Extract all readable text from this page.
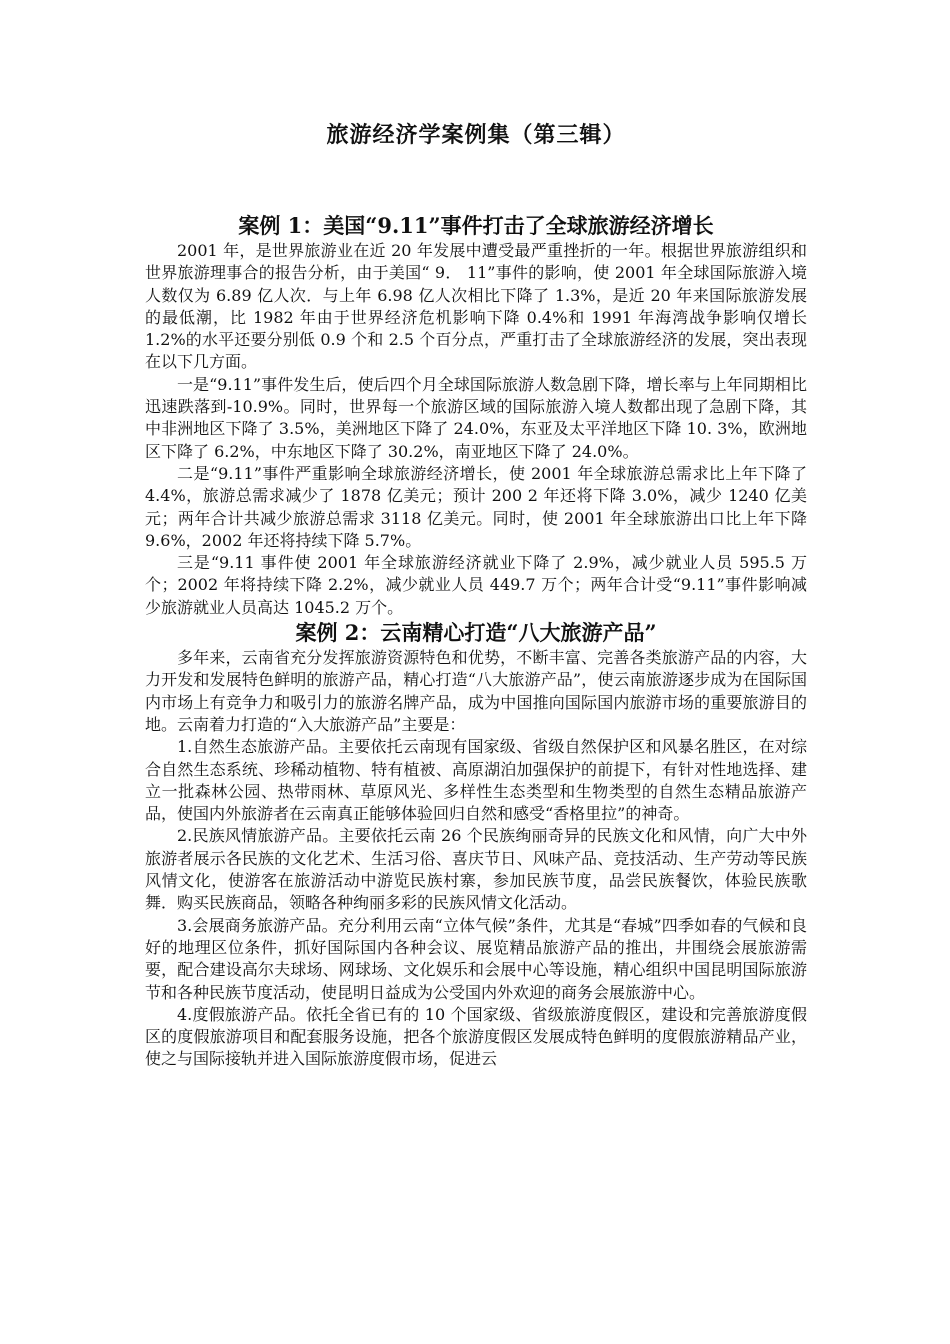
旅游经济学案例集（第三辑）
案例 1：美国“9.11”事件打击了全球旅游经济增长

2001 年，是世界旅游业在近 20 年发展中遭受最严重挫折的一年。根据世界旅游组织和世界旅游理事合的报告分析，由于美国“ 9． 11”事件的影响，使 2001 年全球国际旅游入境人数仅为 6.89 亿人次．与上年 6.98 亿人次相比下降了 1.3%，是近 20 年来国际旅游发展的最低潮，比 1982 年由于世界经济危机影响下降 0.4%和 1991 年海湾战争影响仅增长 1.2%的水平还要分别低 0.9 个和 2.5 个百分点，严重打击了全球旅游经济的发展，突出表现在以下几方面。

一是“9.11”事件发生后，使后四个月全球国际旅游人数急剧下降，增长率与上年同期相比迅速跌落到-10.9%。同时，世界每一个旅游区域的国际旅游入境人数都出现了急剧下降，其中非洲地区下降了 3.5%，美洲地区下降了 24.0%，东亚及太平洋地区下降 10. 3%，欧洲地区下降了 6.2%，中东地区下降了 30.2%，南亚地区下降了 24.0%。

二是“9.11”事件严重影响全球旅游经济增长，使 2001 年全球旅游总需求比上年下降了 4.4%，旅游总需求减少了 1878 亿美元；预计 200 2 年还将下降 3.0%，减少 1240 亿美元；两年合计共减少旅游总需求 3118 亿美元。同时，使 2001 年全球旅游出口比上年下降 9.6%，2002 年还将持续下降 5.7%。

三是“9.11 事件使 2001 年全球旅游经济就业下降了 2.9%，减少就业人员 595.5 万个；2002 年将持续下降 2.2%，减少就业人员 449.7 万个；两年合计受“9.11”事件影响减少旅游就业人员高达 1045.2 万个。

案例 2：云南精心打造“八大旅游产品”

多年来，云南省充分发挥旅游资源特色和优势，不断丰富、完善各类旅游产品的内容，大力开发和发展特色鲜明的旅游产品，精心打造“八大旅游产品”，使云南旅游逐步成为在国际国内市场上有竞争力和吸引力的旅游名牌产品，成为中国推向国际国内旅游市场的重要旅游目的地。云南着力打造的“入大旅游产品”主要是：

1.自然生态旅游产品。主要依托云南现有国家级、省级自然保护区和风暴名胜区，在对综合自然生态系统、珍稀动植物、特有植被、高原湖泊加强保护的前提下，有针对性地选择、建立一批森林公园、热带雨林、草原风光、多样性生态类型和生物类型的自然生态精品旅游产品，使国内外旅游者在云南真正能够体验回归自然和感受“香格里拉”的神奇。

2.民族风情旅游产品。主要依托云南 26 个民族绚丽奇异的民族文化和风情，向广大中外旅游者展示各民族的文化艺术、生活习俗、喜庆节日、风味产品、竞技活动、生产劳动等民族风情文化，使游客在旅游活动中游览民族村寨，参加民族节度，品尝民族餐饮，体验民族歌舞．购买民族商品，领略各种绚丽多彩的民族风情文化活动。

3.会展商务旅游产品。充分利用云南“立体气候”条件，尤其是“春城”四季如春的气候和良好的地理区位条件，抓好国际国内各种会议、展览精品旅游产品的推出，井围绕会展旅游需要，配合建设高尔夫球场、网球场、文化娱乐和会展中心等设施，精心组织中国昆明国际旅游节和各种民族节度活动，使昆明日益成为公受国内外欢迎的商务会展旅游中心。

4.度假旅游产品。依托全省已有的 10 个国家级、省级旅游度假区，建设和完善旅游度假区的度假旅游项目和配套服务设施，把各个旅游度假区发展成特色鲜明的度假旅游精品产业，使之与国际接轨并进入国际旅游度假市场，促进云
